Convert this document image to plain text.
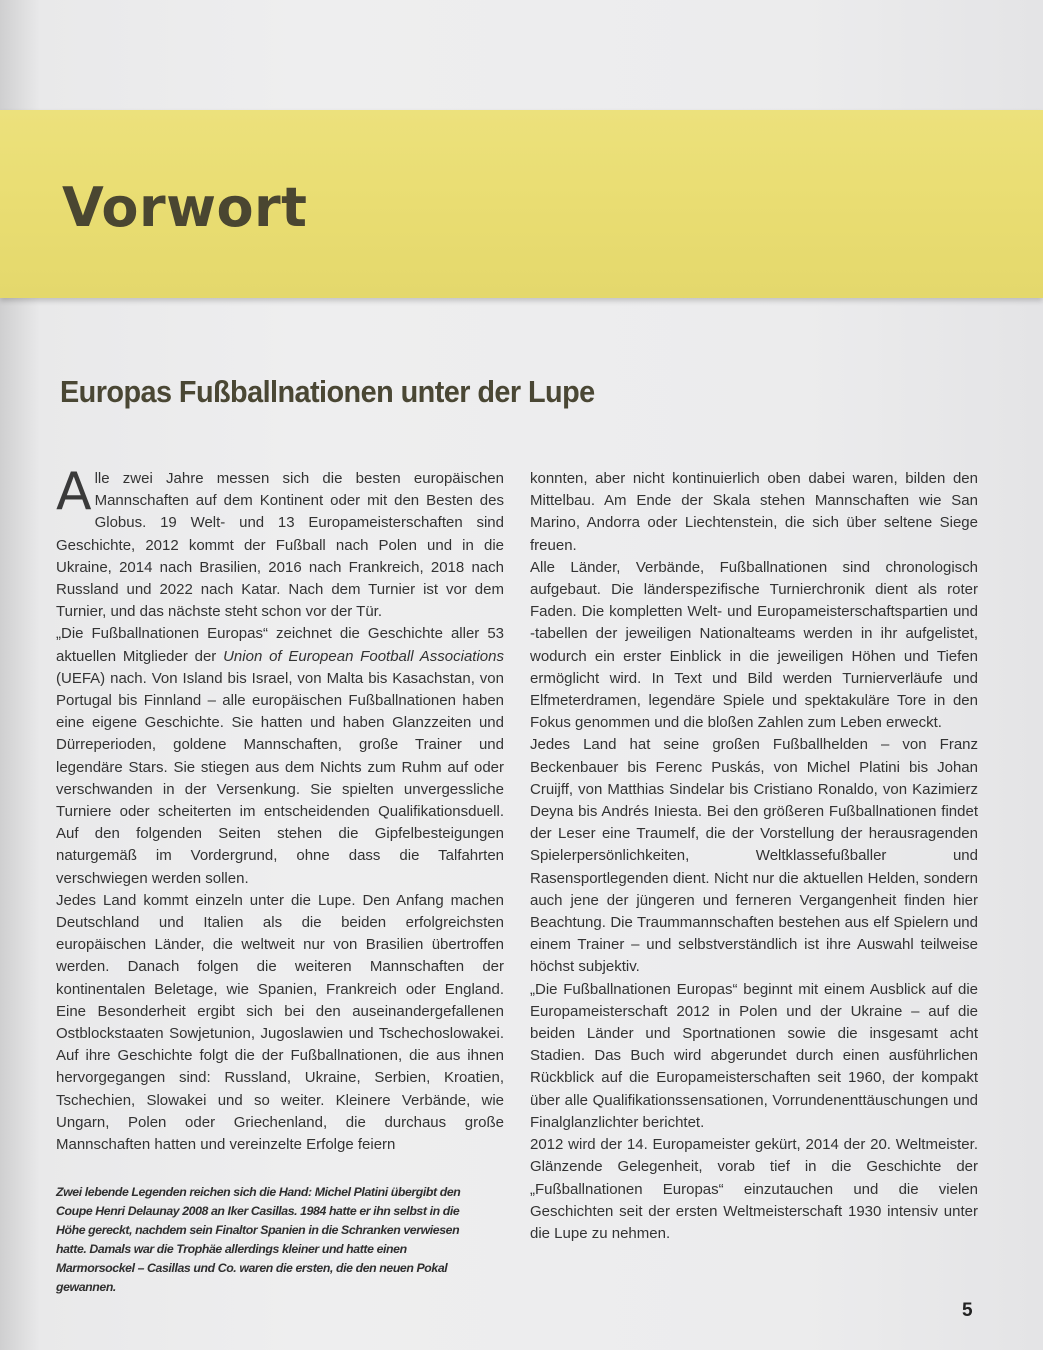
Vorwort
Europas Fußballnationen unter der Lupe

Alle zwei Jahre messen sich die besten europäischen Mannschaften auf dem Kontinent oder mit den Besten des Globus. 19 Welt- und 13 Europameisterschaften sind Geschichte, 2012 kommt der Fußball nach Polen und in die Ukraine, 2014 nach Brasilien, 2016 nach Frankreich, 2018 nach Russland und 2022 nach Katar. Nach dem Turnier ist vor dem Turnier, und das nächste steht schon vor der Tür.

„Die Fußballnationen Europas“ zeichnet die Geschichte aller 53 aktuellen Mitglieder der Union of European Football Associations (UEFA) nach. Von Island bis Israel, von Malta bis Kasachstan, von Portugal bis Finnland – alle europäischen Fußballnationen haben eine eigene Geschichte. Sie hatten und haben Glanzzeiten und Dürreperioden, goldene Mannschaften, große Trainer und legendäre Stars. Sie stiegen aus dem Nichts zum Ruhm auf oder verschwanden in der Versenkung. Sie spielten unvergessliche Turniere oder scheiterten im entscheidenden Qualifikationsduell. Auf den folgenden Seiten stehen die Gipfelbesteigungen naturgemäß im Vordergrund, ohne dass die Talfahrten verschwiegen werden sollen.

Jedes Land kommt einzeln unter die Lupe. Den Anfang machen Deutschland und Italien als die beiden erfolgreichsten europäischen Länder, die weltweit nur von Brasilien übertroffen werden. Danach folgen die weiteren Mannschaften der kontinentalen Beletage, wie Spanien, Frankreich oder England. Eine Besonderheit ergibt sich bei den auseinandergefallenen Ostblockstaaten Sowjetunion, Jugoslawien und Tschechoslowakei. Auf ihre Geschichte folgt die der Fußballnationen, die aus ihnen hervorgegangen sind: Russland, Ukraine, Serbien, Kroatien, Tschechien, Slowakei und so weiter. Kleinere Verbände, wie Ungarn, Polen oder Griechenland, die durchaus große Mannschaften hatten und vereinzelte Erfolge feiern

konnten, aber nicht kontinuierlich oben dabei waren, bilden den Mittelbau. Am Ende der Skala stehen Mannschaften wie San Marino, Andorra oder Liechtenstein, die sich über seltene Siege freuen.

Alle Länder, Verbände, Fußballnationen sind chronologisch aufgebaut. Die länderspezifische Turnierchronik dient als roter Faden. Die kompletten Welt- und Europameisterschaftspartien und -tabellen der jeweiligen Nationalteams werden in ihr aufgelistet, wodurch ein erster Einblick in die jeweiligen Höhen und Tiefen ermöglicht wird. In Text und Bild werden Turnierverläufe und Elfmeterdramen, legendäre Spiele und spektakuläre Tore in den Fokus genommen und die bloßen Zahlen zum Leben erweckt.

Jedes Land hat seine großen Fußballhelden – von Franz Beckenbauer bis Ferenc Puskás, von Michel Platini bis Johan Cruijff, von Matthias Sindelar bis Cristiano Ronaldo, von Kazimierz Deyna bis Andrés Iniesta. Bei den größeren Fußballnationen findet der Leser eine Traumelf, die der Vorstellung der herausragenden Spielerpersönlichkeiten, Weltklassefußballer und Rasensportlegenden dient. Nicht nur die aktuellen Helden, sondern auch jene der jüngeren und ferneren Vergangenheit finden hier Beachtung. Die Traummannschaften bestehen aus elf Spielern und einem Trainer – und selbstverständlich ist ihre Auswahl teilweise höchst subjektiv.

„Die Fußballnationen Europas“ beginnt mit einem Ausblick auf die Europameisterschaft 2012 in Polen und der Ukraine – auf die beiden Länder und Sportnationen sowie die insgesamt acht Stadien. Das Buch wird abgerundet durch einen ausführlichen Rückblick auf die Europameisterschaften seit 1960, der kompakt über alle Qualifikationssensationen, Vorrundenenttäuschungen und Finalglanzlichter berichtet.

2012 wird der 14. Europameister gekürt, 2014 der 20. Weltmeister. Glänzende Gelegenheit, vorab tief in die Geschichte der „Fußballnationen Europas“ einzutauchen und die vielen Geschichten seit der ersten Weltmeisterschaft 1930 intensiv unter die Lupe zu nehmen.

Zwei lebende Legenden reichen sich die Hand: Michel Platini übergibt den Coupe Henri Delaunay 2008 an Iker Casillas. 1984 hatte er ihn selbst in die Höhe gereckt, nachdem sein Finaltor Spanien in die Schranken verwiesen hatte. Damals war die Trophäe allerdings kleiner und hatte einen Marmorsockel – Casillas und Co. waren die ersten, die den neuen Pokal gewannen.

5
